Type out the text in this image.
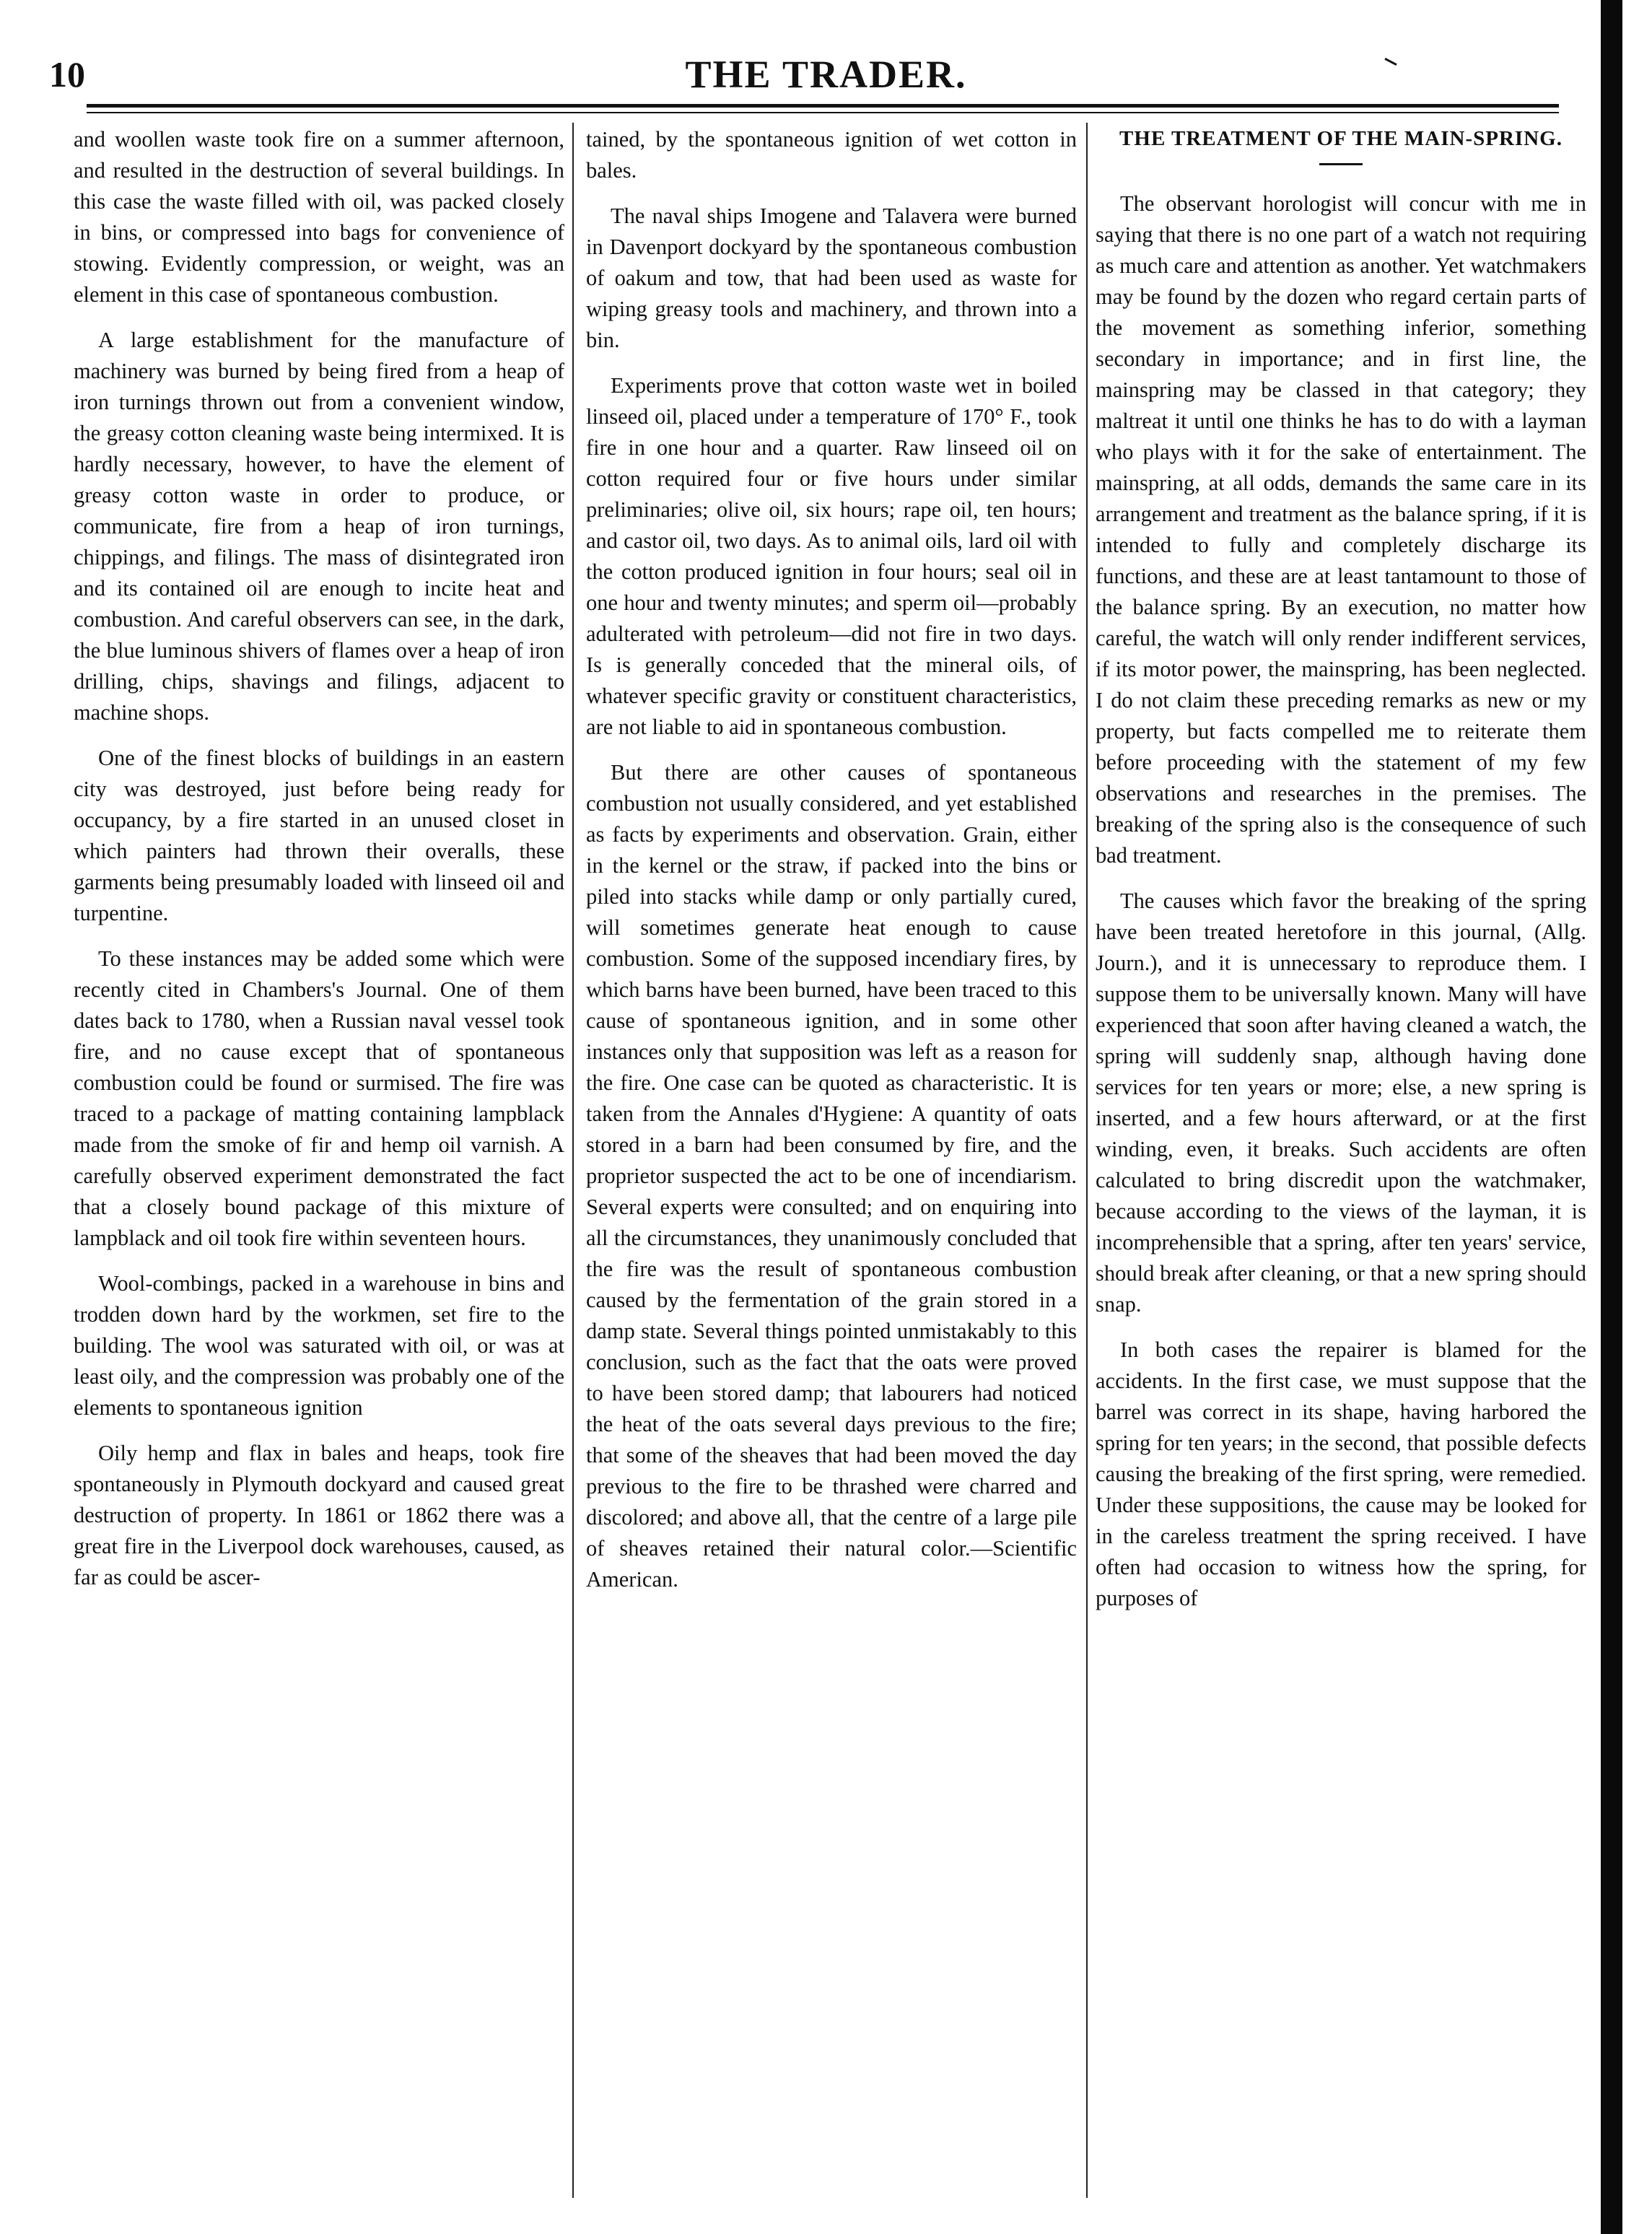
10	THE TRADER.

and woollen waste took fire on a summer afternoon, and resulted in the destruction of several buildings. In this case the waste filled with oil, was packed closely in bins, or compressed into bags for convenience of stowing. Evidently compression, or weight, was an element in this case of spontaneous combustion.

A large establishment for the manufacture of machinery was burned by being fired from a heap of iron turnings thrown out from a convenient window, the greasy cotton cleaning waste being intermixed. It is hardly necessary, however, to have the element of greasy cotton waste in order to produce, or communicate, fire from a heap of iron turnings, chippings, and filings. The mass of disintegrated iron and its contained oil are enough to incite heat and combustion. And careful observers can see, in the dark, the blue luminous shivers of flames over a heap of iron drilling, chips, shavings and filings, adjacent to machine shops.

One of the finest blocks of buildings in an eastern city was destroyed, just before being ready for occupancy, by a fire started in an unused closet in which painters had thrown their overalls, these garments being presumably loaded with linseed oil and turpentine.

To these instances may be added some which were recently cited in Chambers's Journal. One of them dates back to 1780, when a Russian naval vessel took fire, and no cause except that of spontaneous combustion could be found or surmised. The fire was traced to a package of matting containing lampblack made from the smoke of fir and hemp oil varnish. A carefully observed experiment demonstrated the fact that a closely bound package of this mixture of lampblack and oil took fire within seventeen hours.

Wool-combings, packed in a warehouse in bins and trodden down hard by the workmen, set fire to the building. The wool was saturated with oil, or was at least oily, and the compression was probably one of the elements to spontaneous ignition

Oily hemp and flax in bales and heaps, took fire spontaneously in Plymouth dockyard and caused great destruction of property. In 1861 or 1862 there was a great fire in the Liverpool dock warehouses, caused, as far as could be ascer-

tained, by the spontaneous ignition of wet cotton in bales.

The naval ships Imogene and Talavera were burned in Davenport dockyard by the spontaneous combustion of oakum and tow, that had been used as waste for wiping greasy tools and machinery, and thrown into a bin.

Experiments prove that cotton waste wet in boiled linseed oil, placed under a temperature of 170° F., took fire in one hour and a quarter. Raw linseed oil on cotton required four or five hours under similar preliminaries; olive oil, six hours; rape oil, ten hours; and castor oil, two days. As to animal oils, lard oil with the cotton produced ignition in four hours; seal oil in one hour and twenty minutes; and sperm oil—probably adulterated with petroleum—did not fire in two days. Is is generally conceded that the mineral oils, of whatever specific gravity or constituent characteristics, are not liable to aid in spontaneous combustion.

But there are other causes of spontaneous combustion not usually considered, and yet established as facts by experiments and observation. Grain, either in the kernel or the straw, if packed into the bins or piled into stacks while damp or only partially cured, will sometimes generate heat enough to cause combustion. Some of the supposed incendiary fires, by which barns have been burned, have been traced to this cause of spontaneous ignition, and in some other instances only that supposition was left as a reason for the fire. One case can be quoted as characteristic. It is taken from the Annales d'Hygiene: A quantity of oats stored in a barn had been consumed by fire, and the proprietor suspected the act to be one of incendiarism. Several experts were consulted; and on enquiring into all the circumstances, they unanimously concluded that the fire was the result of spontaneous combustion caused by the fermentation of the grain stored in a damp state. Several things pointed unmistakably to this conclusion, such as the fact that the oats were proved to have been stored damp; that labourers had noticed the heat of the oats several days previous to the fire; that some of the sheaves that had been moved the day previous to the fire to be thrashed were charred and discolored; and above all, that the centre of a large pile of sheaves retained their natural color.—Scientific American.

THE TREATMENT OF THE MAIN-SPRING.

The observant horologist will concur with me in saying that there is no one part of a watch not requiring as much care and attention as another. Yet watchmakers may be found by the dozen who regard certain parts of the movement as something inferior, something secondary in importance; and in first line, the mainspring may be classed in that category; they maltreat it until one thinks he has to do with a layman who plays with it for the sake of entertainment. The mainspring, at all odds, demands the same care in its arrangement and treatment as the balance spring, if it is intended to fully and completely discharge its functions, and these are at least tantamount to those of the balance spring. By an execution, no matter how careful, the watch will only render indifferent services, if its motor power, the mainspring, has been neglected. I do not claim these preceding remarks as new or my property, but facts compelled me to reiterate them before proceeding with the statement of my few observations and researches in the premises. The breaking of the spring also is the consequence of such bad treatment.

The causes which favor the breaking of the spring have been treated heretofore in this journal, (Allg. Journ.), and it is unnecessary to reproduce them. I suppose them to be universally known. Many will have experienced that soon after having cleaned a watch, the spring will suddenly snap, although having done services for ten years or more; else, a new spring is inserted, and a few hours afterward, or at the first winding, even, it breaks. Such accidents are often calculated to bring discredit upon the watchmaker, because according to the views of the layman, it is incomprehensible that a spring, after ten years' service, should break after cleaning, or that a new spring should snap.

In both cases the repairer is blamed for the accidents. In the first case, we must suppose that the barrel was correct in its shape, having harbored the spring for ten years; in the second, that possible defects causing the breaking of the first spring, were remedied. Under these suppositions, the cause may be looked for in the careless treatment the spring received. I have often had occasion to witness how the spring, for purposes of
